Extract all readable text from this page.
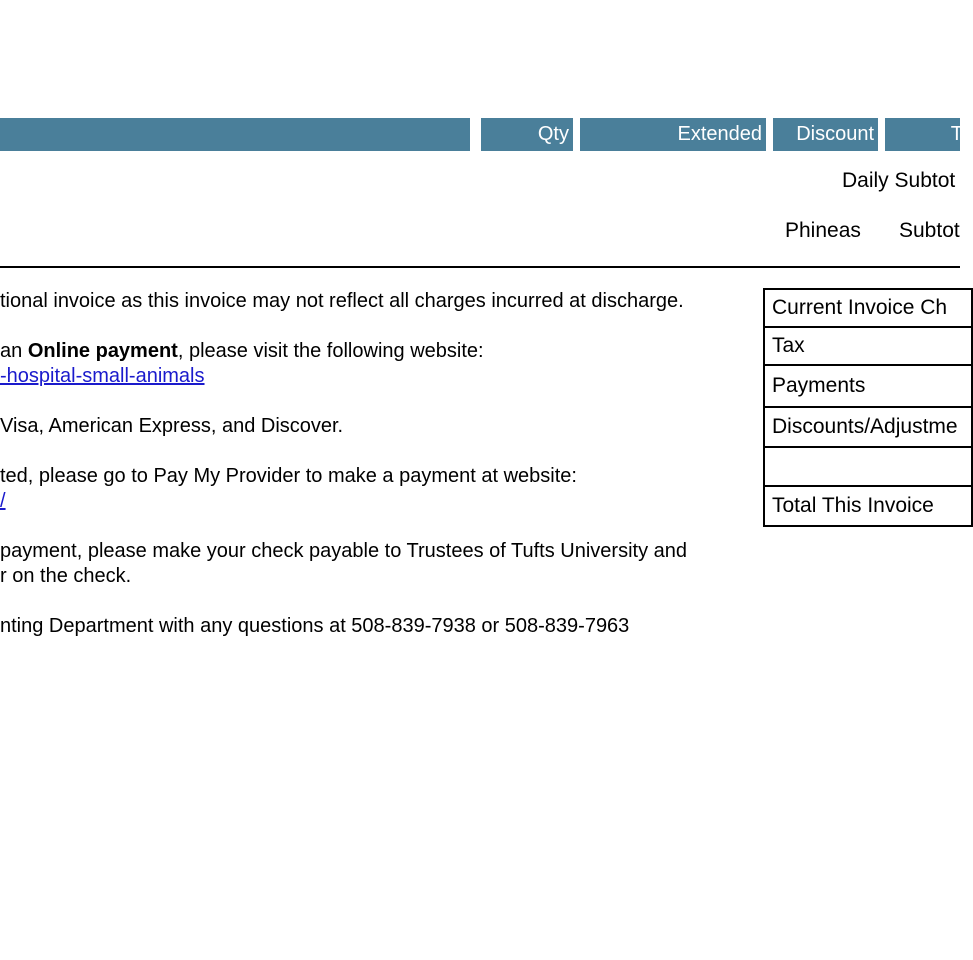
Qty	Extended	Discount	T
Daily Subtot
Phineas Subtot
tional invoice as this invoice may not reflect all charges incurred at discharge.
an Online payment, please visit the following website:
-hospital-small-animals
Visa, American Express, and Discover.
ted, please go to Pay My Provider to make a payment at website:
/
payment, please make your check payable to Trustees of Tufts University and
r on the check.
nting Department with any questions at 508-839-7938 or 508-839-7963
Current Invoice Ch
Tax
Payments
Discounts/Adjustme

Total This Invoice
